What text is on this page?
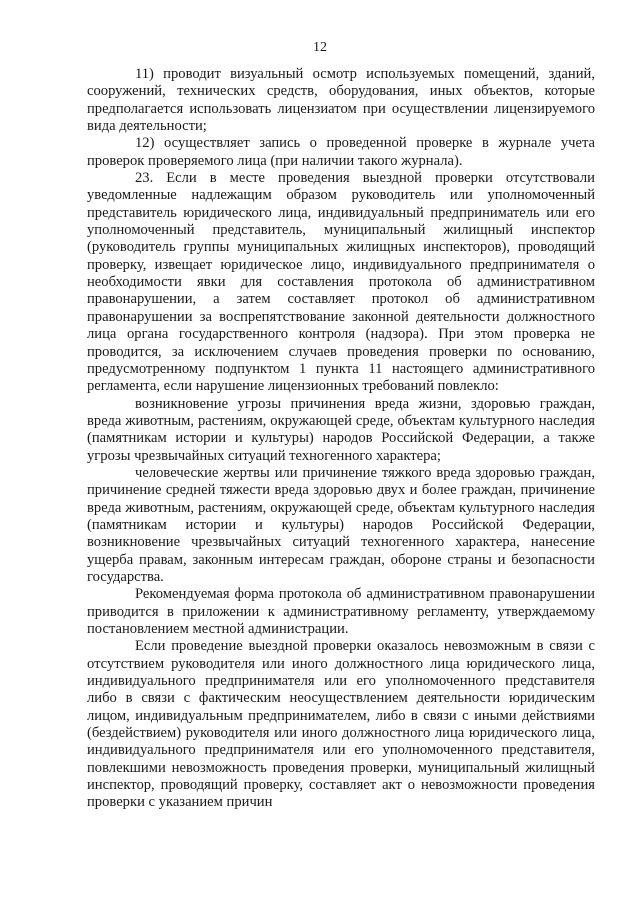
12

11) проводит визуальный осмотр используемых помещений, зданий, сооружений, технических средств, оборудования, иных объектов, которые предполагается использовать лицензиатом при осуществлении лицензируемого вида деятельности;

12) осуществляет запись о проведенной проверке в журнале учета проверок проверяемого лица (при наличии такого журнала).

23. Если в месте проведения выездной проверки отсутствовали уведомленные надлежащим образом руководитель или уполномоченный представитель юридического лица, индивидуальный предприниматель или его уполномоченный представитель, муниципальный жилищный инспектор (руководитель группы муниципальных жилищных инспекторов), проводящий проверку, извещает юридическое лицо, индивидуального предпринимателя о необходимости явки для составления протокола об административном правонарушении, а затем составляет протокол об административном правонарушении за воспрепятствование законной деятельности должностного лица органа государственного контроля (надзора). При этом проверка не проводится, за исключением случаев проведения проверки по основанию, предусмотренному подпунктом 1 пункта 11 настоящего административного регламента, если нарушение лицензионных требований повлекло:

возникновение угрозы причинения вреда жизни, здоровью граждан, вреда животным, растениям, окружающей среде, объектам культурного наследия (памятникам истории и культуры) народов Российской Федерации, а также угрозы чрезвычайных ситуаций техногенного характера;

человеческие жертвы или причинение тяжкого вреда здоровью граждан, причинение средней тяжести вреда здоровью двух и более граждан, причинение вреда животным, растениям, окружающей среде, объектам культурного наследия (памятникам истории и культуры) народов Российской Федерации, возникновение чрезвычайных ситуаций техногенного характера, нанесение ущерба правам, законным интересам граждан, обороне страны и безопасности государства.

Рекомендуемая форма протокола об административном правонарушении приводится в приложении к административному регламенту, утверждаемому постановлением местной администрации.

Если проведение выездной проверки оказалось невозможным в связи с отсутствием руководителя или иного должностного лица юридического лица, индивидуального предпринимателя или его уполномоченного представителя либо в связи с фактическим неосуществлением деятельности юридическим лицом, индивидуальным предпринимателем, либо в связи с иными действиями (бездействием) руководителя или иного должностного лица юридического лица, индивидуального предпринимателя или его уполномоченного представителя, повлекшими невозможность проведения проверки, муниципальный жилищный инспектор, проводящий проверку, составляет акт о невозможности проведения проверки с указанием причин
